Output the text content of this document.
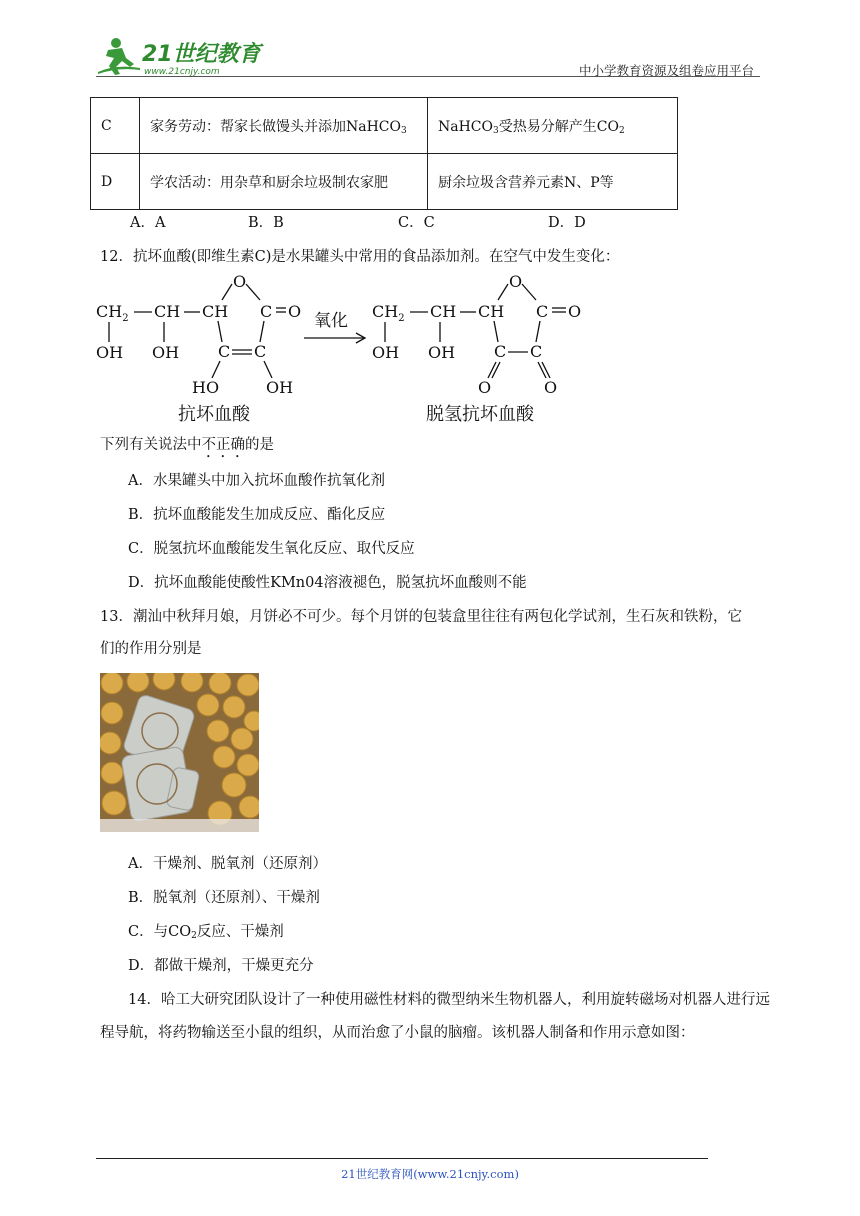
21世纪教育
www.21cnjy.com	中小学教育资源及组卷应用平台
C	家务劳动：帮家长做馒头并添加NaHCO$_3$	NaHCO$_3$受热易分解产生$CO_2$
D	学农活动：用杂草和厨余垃圾制农家肥	厨余垃圾含营养元素N、P等
A．A	B．B	C．C	D．D
12．抗坏血酸(即维生素C)是水果罐头中常用的食品添加剂。在空气中发生变化：
$CH_2$ CH CH
O
C O
C C
OH OH
HO	OH
$CH_2$ CH CH
O
C O
C C
OH OH
O	O
氧化
抗坏血酸	脱氢抗坏血酸
下列有关说法中不正确的是
A．水果罐头中加入抗坏血酸作抗氧化剂
B．抗坏血酸能发生加成反应、酯化反应
C．脱氢抗坏血酸能发生氧化反应、取代反应
D．抗坏血酸能使酸性KMn04溶液褪色，脱氢抗坏血酸则不能
13．潮汕中秋拜月娘，月饼必不可少。每个月饼的包装盒里往往有两包化学试剂，生石灰和铁粉，它
们的作用分别是
A．干燥剂、脱氧剂（还原剂）
B．脱氧剂（还原剂）、干燥剂
C．与$CO_2$反应、干燥剂
D．都做干燥剂，干燥更充分
14．哈工大研究团队设计了一种使用磁性材料的微型纳米生物机器人，利用旋转磁场对机器人进行远
程导航，将药物输送至小鼠的组织，从而治愈了小鼠的脑瘤。该机器人制备和作用示意如图：
21世纪教育网(www.21cnjy.com)
